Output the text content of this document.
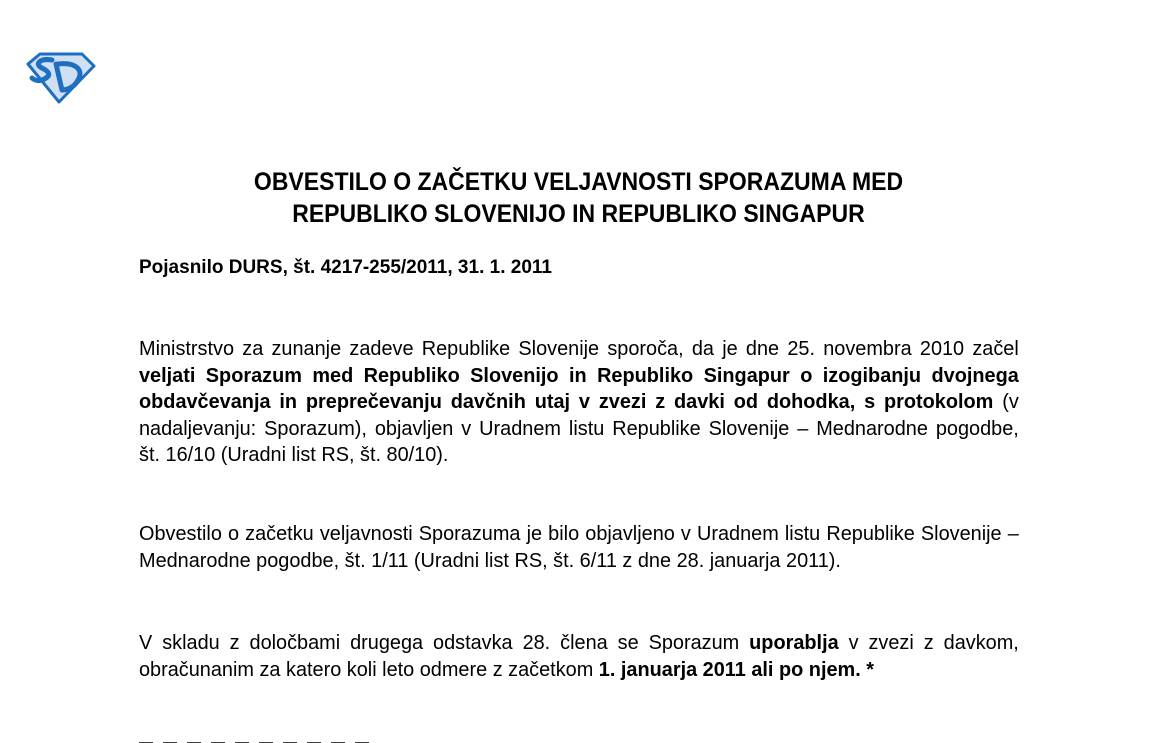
OBVESTILO O ZAČETKU VELJAVNOSTI SPORAZUMA MED
REPUBLIKO SLOVENIJO IN REPUBLIKO SINGAPUR
Pojasnilo DURS, št. 4217-255/2011, 31. 1. 2011
Ministrstvo za zunanje zadeve Republike Slovenije sporoča, da je dne 25. novembra 2010 začel veljati Sporazum med Republiko Slovenijo in Republiko Singapur o izogibanju dvojnega obdavčevanja in preprečevanju davčnih utaj v zvezi z davki od dohodka, s protokolom (v nadaljevanju: Sporazum), objavljen v Uradnem listu Republike Slovenije – Mednarodne pogodbe, št. 16/10 (Uradni list RS, št. 80/10).
Obvestilo o začetku veljavnosti Sporazuma je bilo objavljeno v Uradnem listu Republike Slovenije – Mednarodne pogodbe, št. 1/11 (Uradni list RS, št. 6/11 z dne 28. januarja 2011).
V skladu z določbami drugega odstavka 28. člena se Sporazum uporablja v zvezi z davkom, obračunanim za katero koli leto odmere z začetkom 1. januarja 2011 ali po njem. *
